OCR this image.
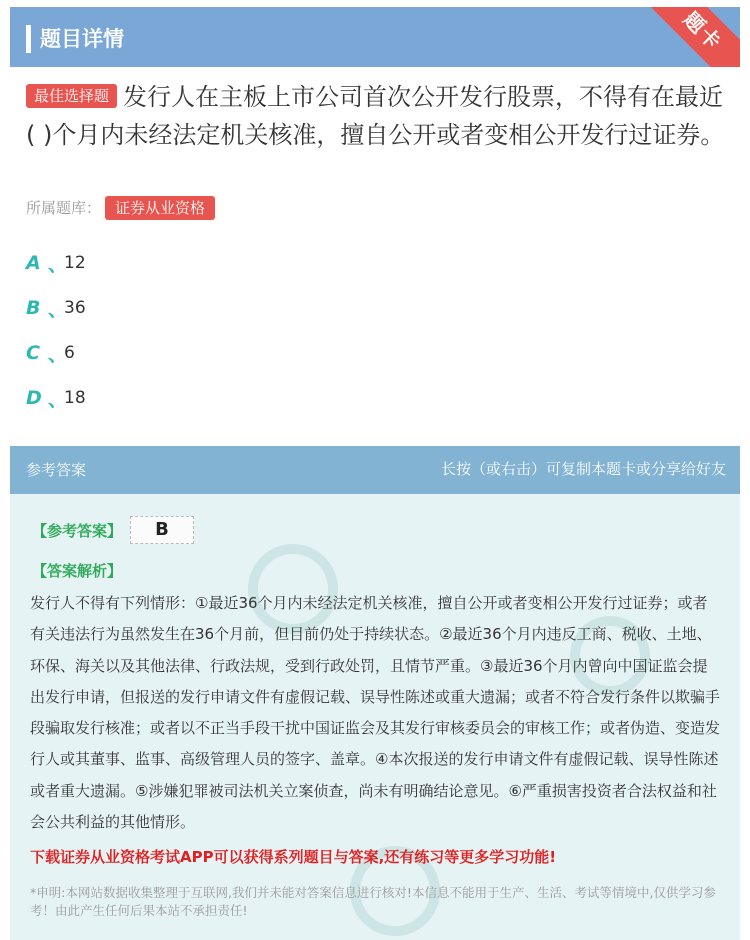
题目详情	题卡
最佳选择题 发行人在主板上市公司首次公开发行股票，不得有在最近( )个月内未经法定机关核准，擅自公开或者变相公开发行过证券。
所属题库： 证券从业资格
A 、
12
B 、
36
C 、
6
D 、
18
参考答案	长按（或右击）可复制本题卡或分享给好友
【参考答案】	B
【答案解析】
发行人不得有下列情形：①最近36个月内未经法定机关核准，擅自公开或者变相公开发行过证券；或者有关违法行为虽然发生在36个月前，但目前仍处于持续状态。②最近36个月内违反工商、税收、土地、环保、海关以及其他法律、行政法规，受到行政处罚，且情节严重。③最近36个月内曾向中国证监会提出发行申请，但报送的发行申请文件有虚假记载、误导性陈述或重大遗漏；或者不符合发行条件以欺骗手段骗取发行核准；或者以不正当手段干扰中国证监会及其发行审核委员会的审核工作；或者伪造、变造发行人或其董事、监事、高级管理人员的签字、盖章。④本次报送的发行申请文件有虚假记载、误导性陈述或者重大遗漏。⑤涉嫌犯罪被司法机关立案侦查，尚未有明确结论意见。⑥严重损害投资者合法权益和社会公共利益的其他情形。
下载证券从业资格考试APP可以获得系列题目与答案,还有练习等更多学习功能!
*申明:本网站数据收集整理于互联网,我们并未能对答案信息进行核对!本信息不能用于生产、生活、考试等情境中,仅供学习参考！由此产生任何后果本站不承担责任!
